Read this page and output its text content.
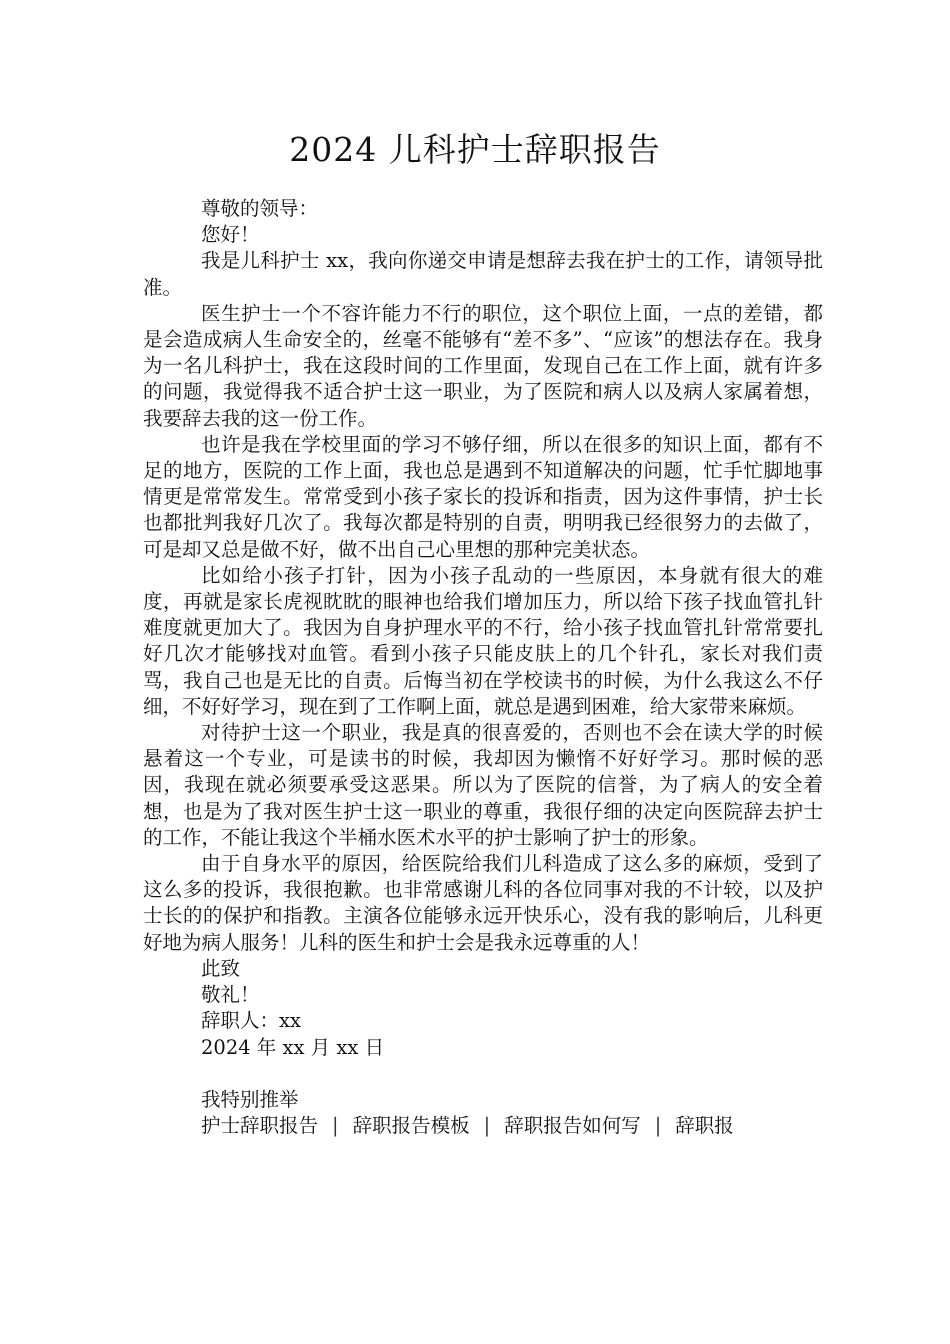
2024 儿科护士辞职报告

尊敬的领导：

您好！

我是儿科护士 xx，我向你递交申请是想辞去我在护士的工作，请领导批准。

医生护士一个不容许能力不行的职位，这个职位上面，一点的差错，都是会造成病人生命安全的，丝毫不能够有“差不多”、“应该”的想法存在。我身为一名儿科护士，我在这段时间的工作里面，发现自己在工作上面，就有许多的问题，我觉得我不适合护士这一职业，为了医院和病人以及病人家属着想，我要辞去我的这一份工作。

也许是我在学校里面的学习不够仔细，所以在很多的知识上面，都有不足的地方，医院的工作上面，我也总是遇到不知道解决的问题，忙手忙脚地事情更是常常发生。常常受到小孩子家长的投诉和指责，因为这件事情，护士长也都批判我好几次了。我每次都是特别的自责，明明我已经很努力的去做了，可是却又总是做不好，做不出自己心里想的那种完美状态。

比如给小孩子打针，因为小孩子乱动的一些原因，本身就有很大的难度，再就是家长虎视眈眈的眼神也给我们增加压力，所以给下孩子找血管扎针难度就更加大了。我因为自身护理水平的不行，给小孩子找血管扎针常常要扎好几次才能够找对血管。看到小孩子只能皮肤上的几个针孔，家长对我们责骂，我自己也是无比的自责。后悔当初在学校读书的时候，为什么我这么不仔细，不好好学习，现在到了工作啊上面，就总是遇到困难，给大家带来麻烦。

对待护士这一个职业，我是真的很喜爱的，否则也不会在读大学的时候悬着这一个专业，可是读书的时候，我却因为懒惰不好好学习。那时候的恶因，我现在就必须要承受这恶果。所以为了医院的信誉，为了病人的安全着想，也是为了我对医生护士这一职业的尊重，我很仔细的决定向医院辞去护士的工作，不能让我这个半桶水医术水平的护士影响了护士的形象。

由于自身水平的原因，给医院给我们儿科造成了这么多的麻烦，受到了这么多的投诉，我很抱歉。也非常感谢儿科的各位同事对我的不计较，以及护士长的的保护和指教。主演各位能够永远开快乐心，没有我的影响后，儿科更好地为病人服务！儿科的医生和护士会是我永远尊重的人！

此致

敬礼！

辞职人：xx

2024 年 xx 月 xx 日

我特别推举

护士辞职报告 | 辞职报告模板 | 辞职报告如何写 | 辞职报
